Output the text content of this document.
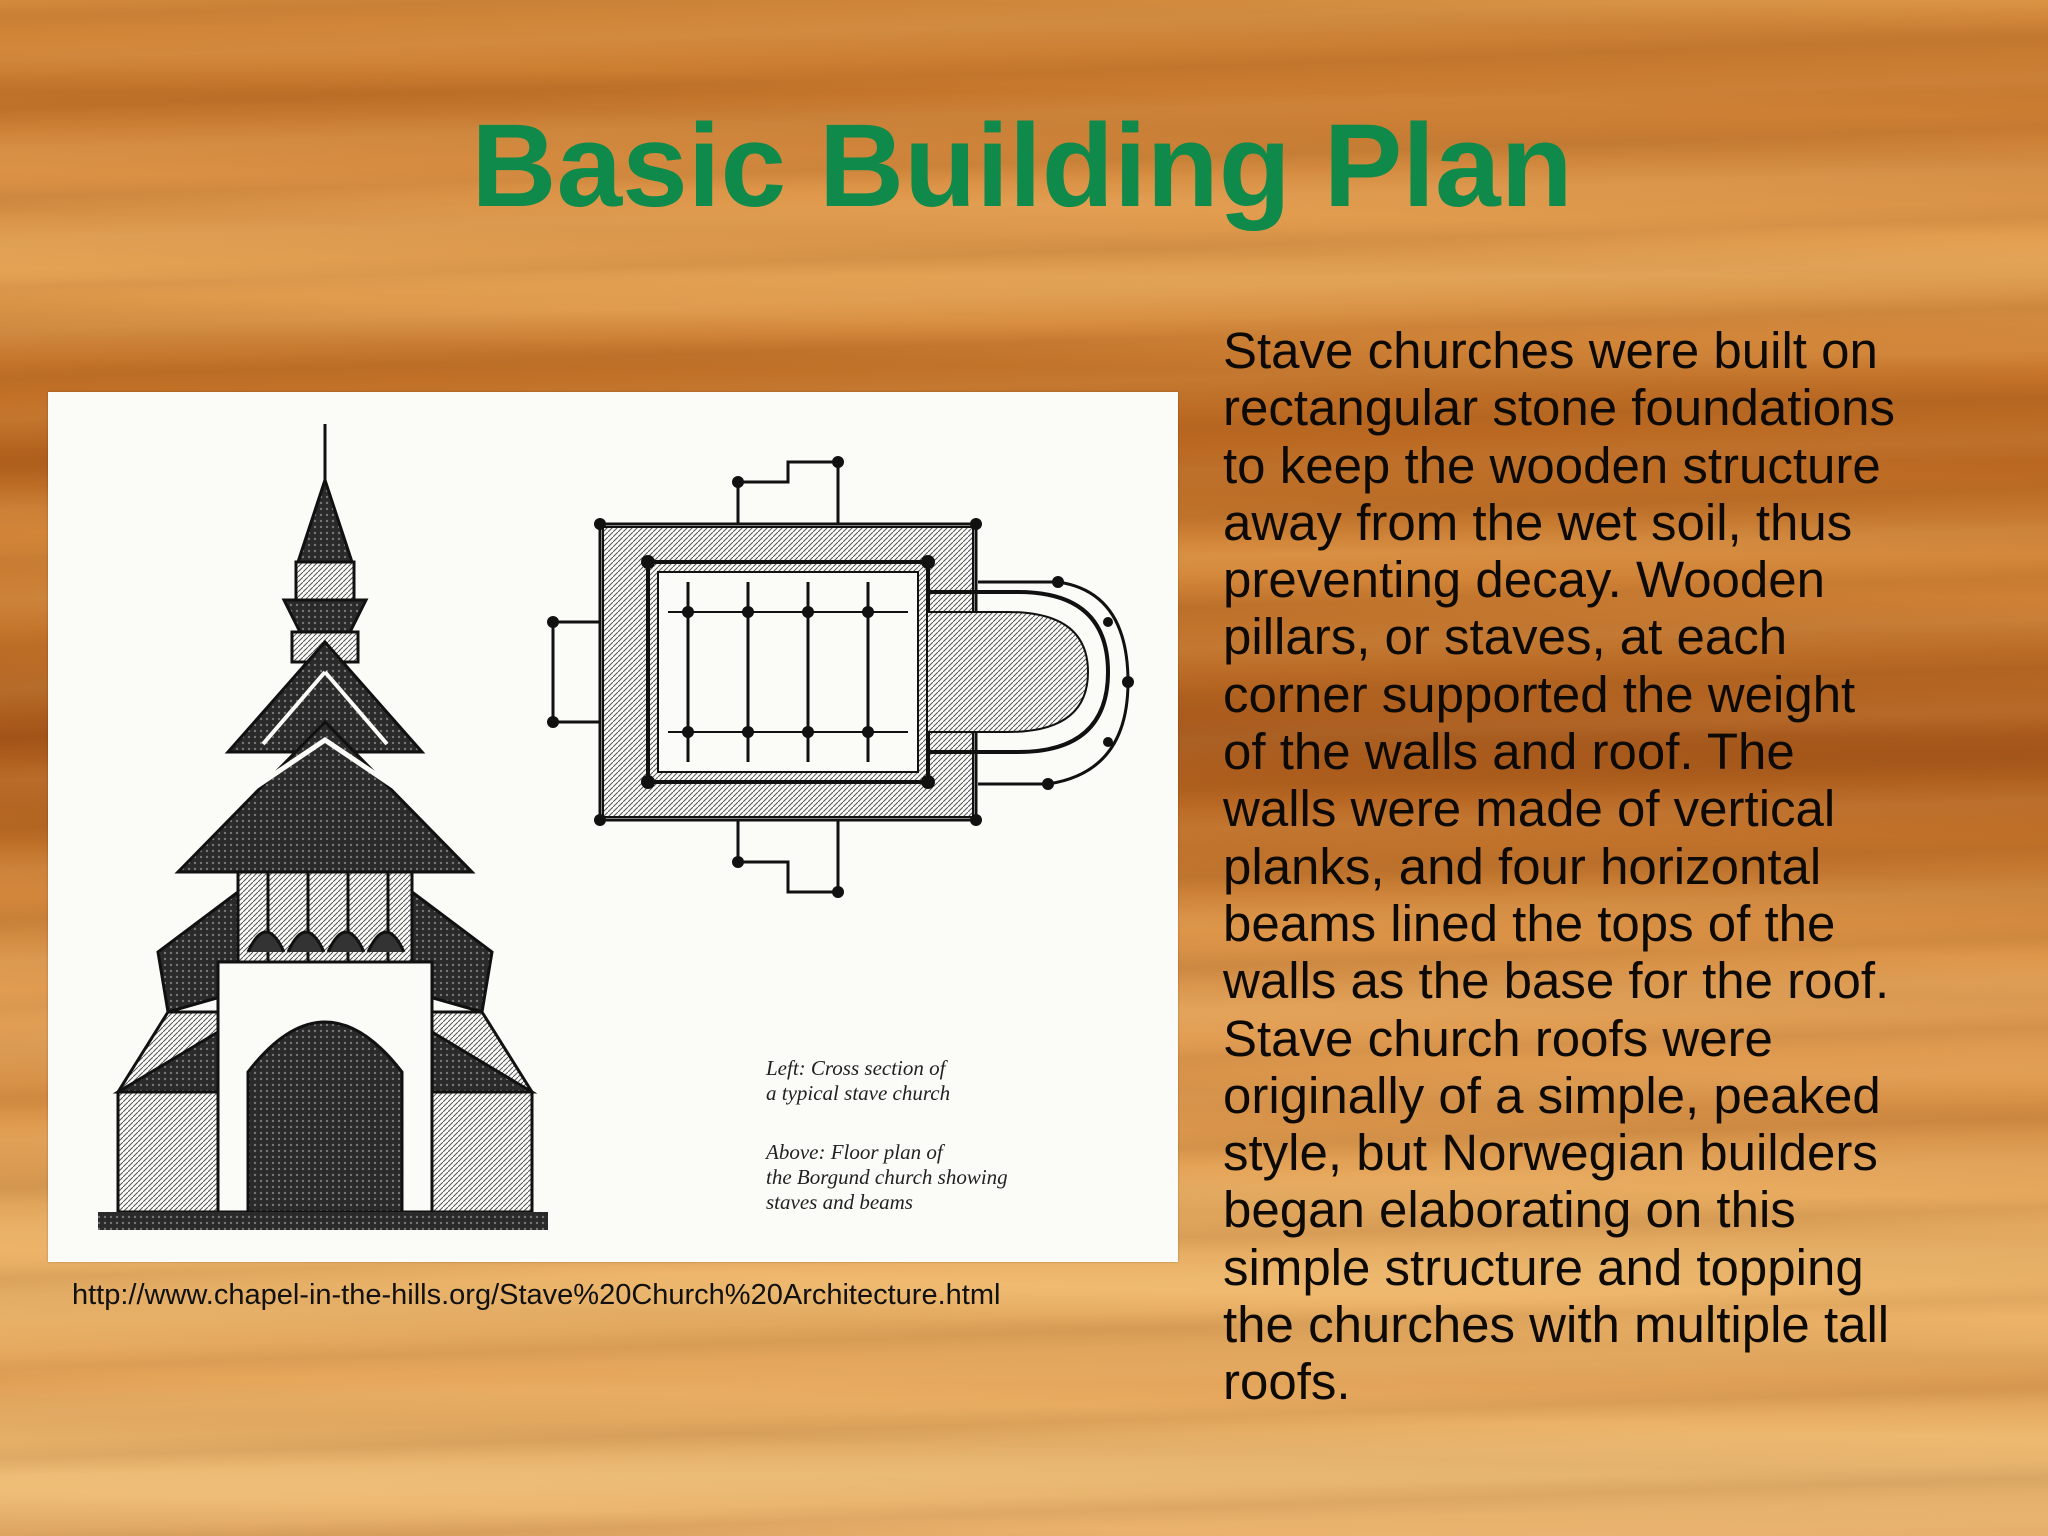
Basic Building Plan
Left: Cross section of
a typical stave church
Above: Floor plan of
the Borgund church showing
staves and beams
http://www.chapel-in-the-hills.org/Stave%20Church%20Architecture.html
Stave churches were built on
rectangular stone foundations
to keep the wooden structure
away from the wet soil, thus
preventing decay. Wooden
pillars, or staves, at each
corner supported the weight
of the walls and roof. The
walls were made of vertical
planks, and four horizontal
beams lined the tops of the
walls as the base for the roof.
Stave church roofs were
originally of a simple, peaked
style, but Norwegian builders
began elaborating on this
simple structure and topping
the churches with multiple tall
roofs.
